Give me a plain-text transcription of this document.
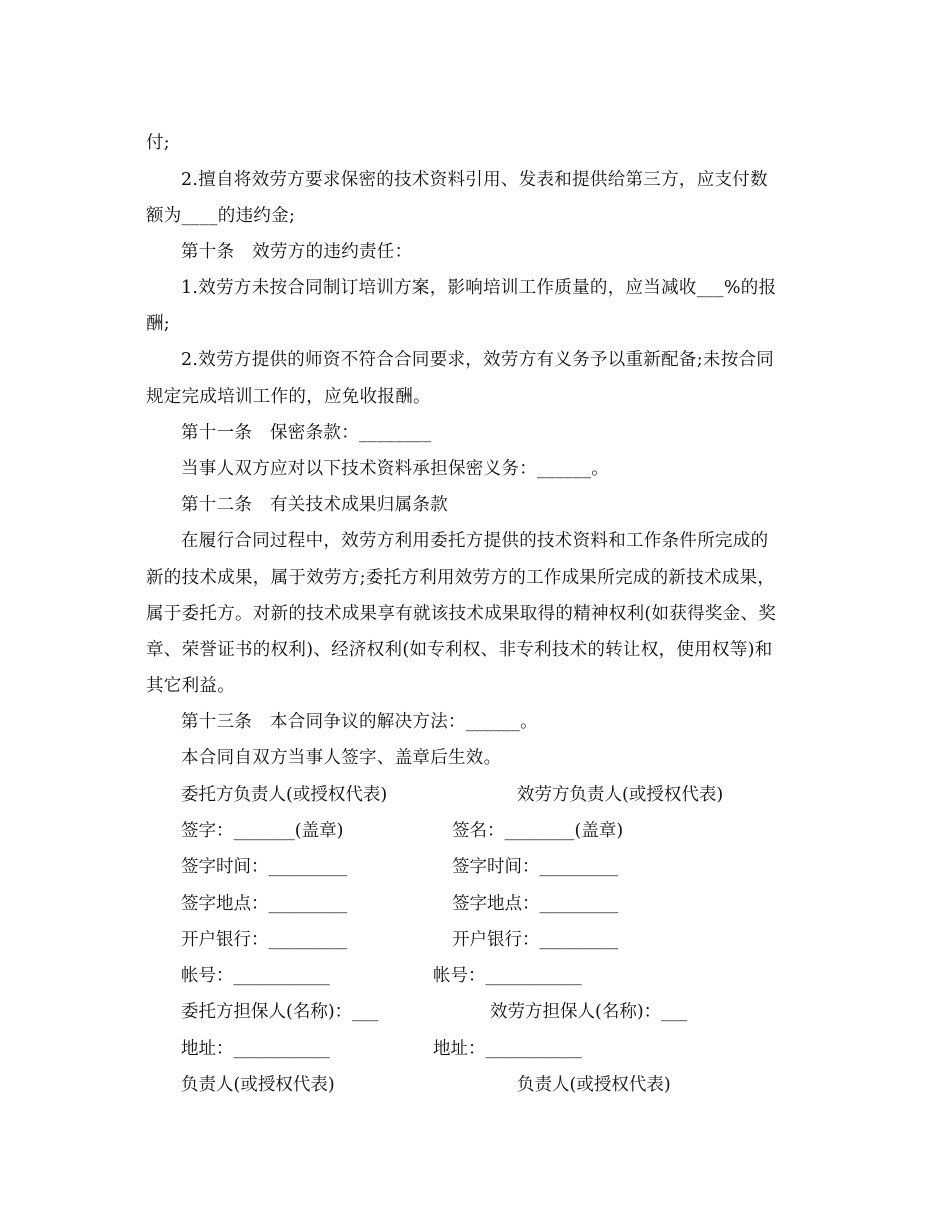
付;
2.擅自将效劳方要求保密的技术资料引用、发表和提供给第三方，应支付数
额为____的违约金;
第十条　效劳方的违约责任：
1.效劳方未按合同制订培训方案，影响培训工作质量的，应当减收___%的报
酬;
2.效劳方提供的师资不符合合同要求，效劳方有义务予以重新配备;未按合同
规定完成培训工作的，应免收报酬。
第十一条　保密条款：________
当事人双方应对以下技术资料承担保密义务：______。
第十二条　有关技术成果归属条款
在履行合同过程中，效劳方利用委托方提供的技术资料和工作条件所完成的
新的技术成果，属于效劳方;委托方利用效劳方的工作成果所完成的新技术成果，
属于委托方。对新的技术成果享有就该技术成果取得的精神权利(如获得奖金、奖
章、荣誉证书的权利)、经济权利(如专利权、非专利技术的转让权，使用权等)和
其它利益。
第十三条　本合同争议的解决方法：______。
本合同自双方当事人签字、盖章后生效。
委托方负责人(或授权代表)
签字：_______(盖章)
签字时间：_________
签字地点：_________
开户银行：_________
帐号：___________
委托方担保人(名称)：___
地址：___________
负责人(或授权代表)
效劳方负责人(或授权代表)
签名：________(盖章)
签字时间：_________
签字地点：_________
开户银行：_________
帐号：___________
效劳方担保人(名称)：___
地址：___________
负责人(或授权代表)
